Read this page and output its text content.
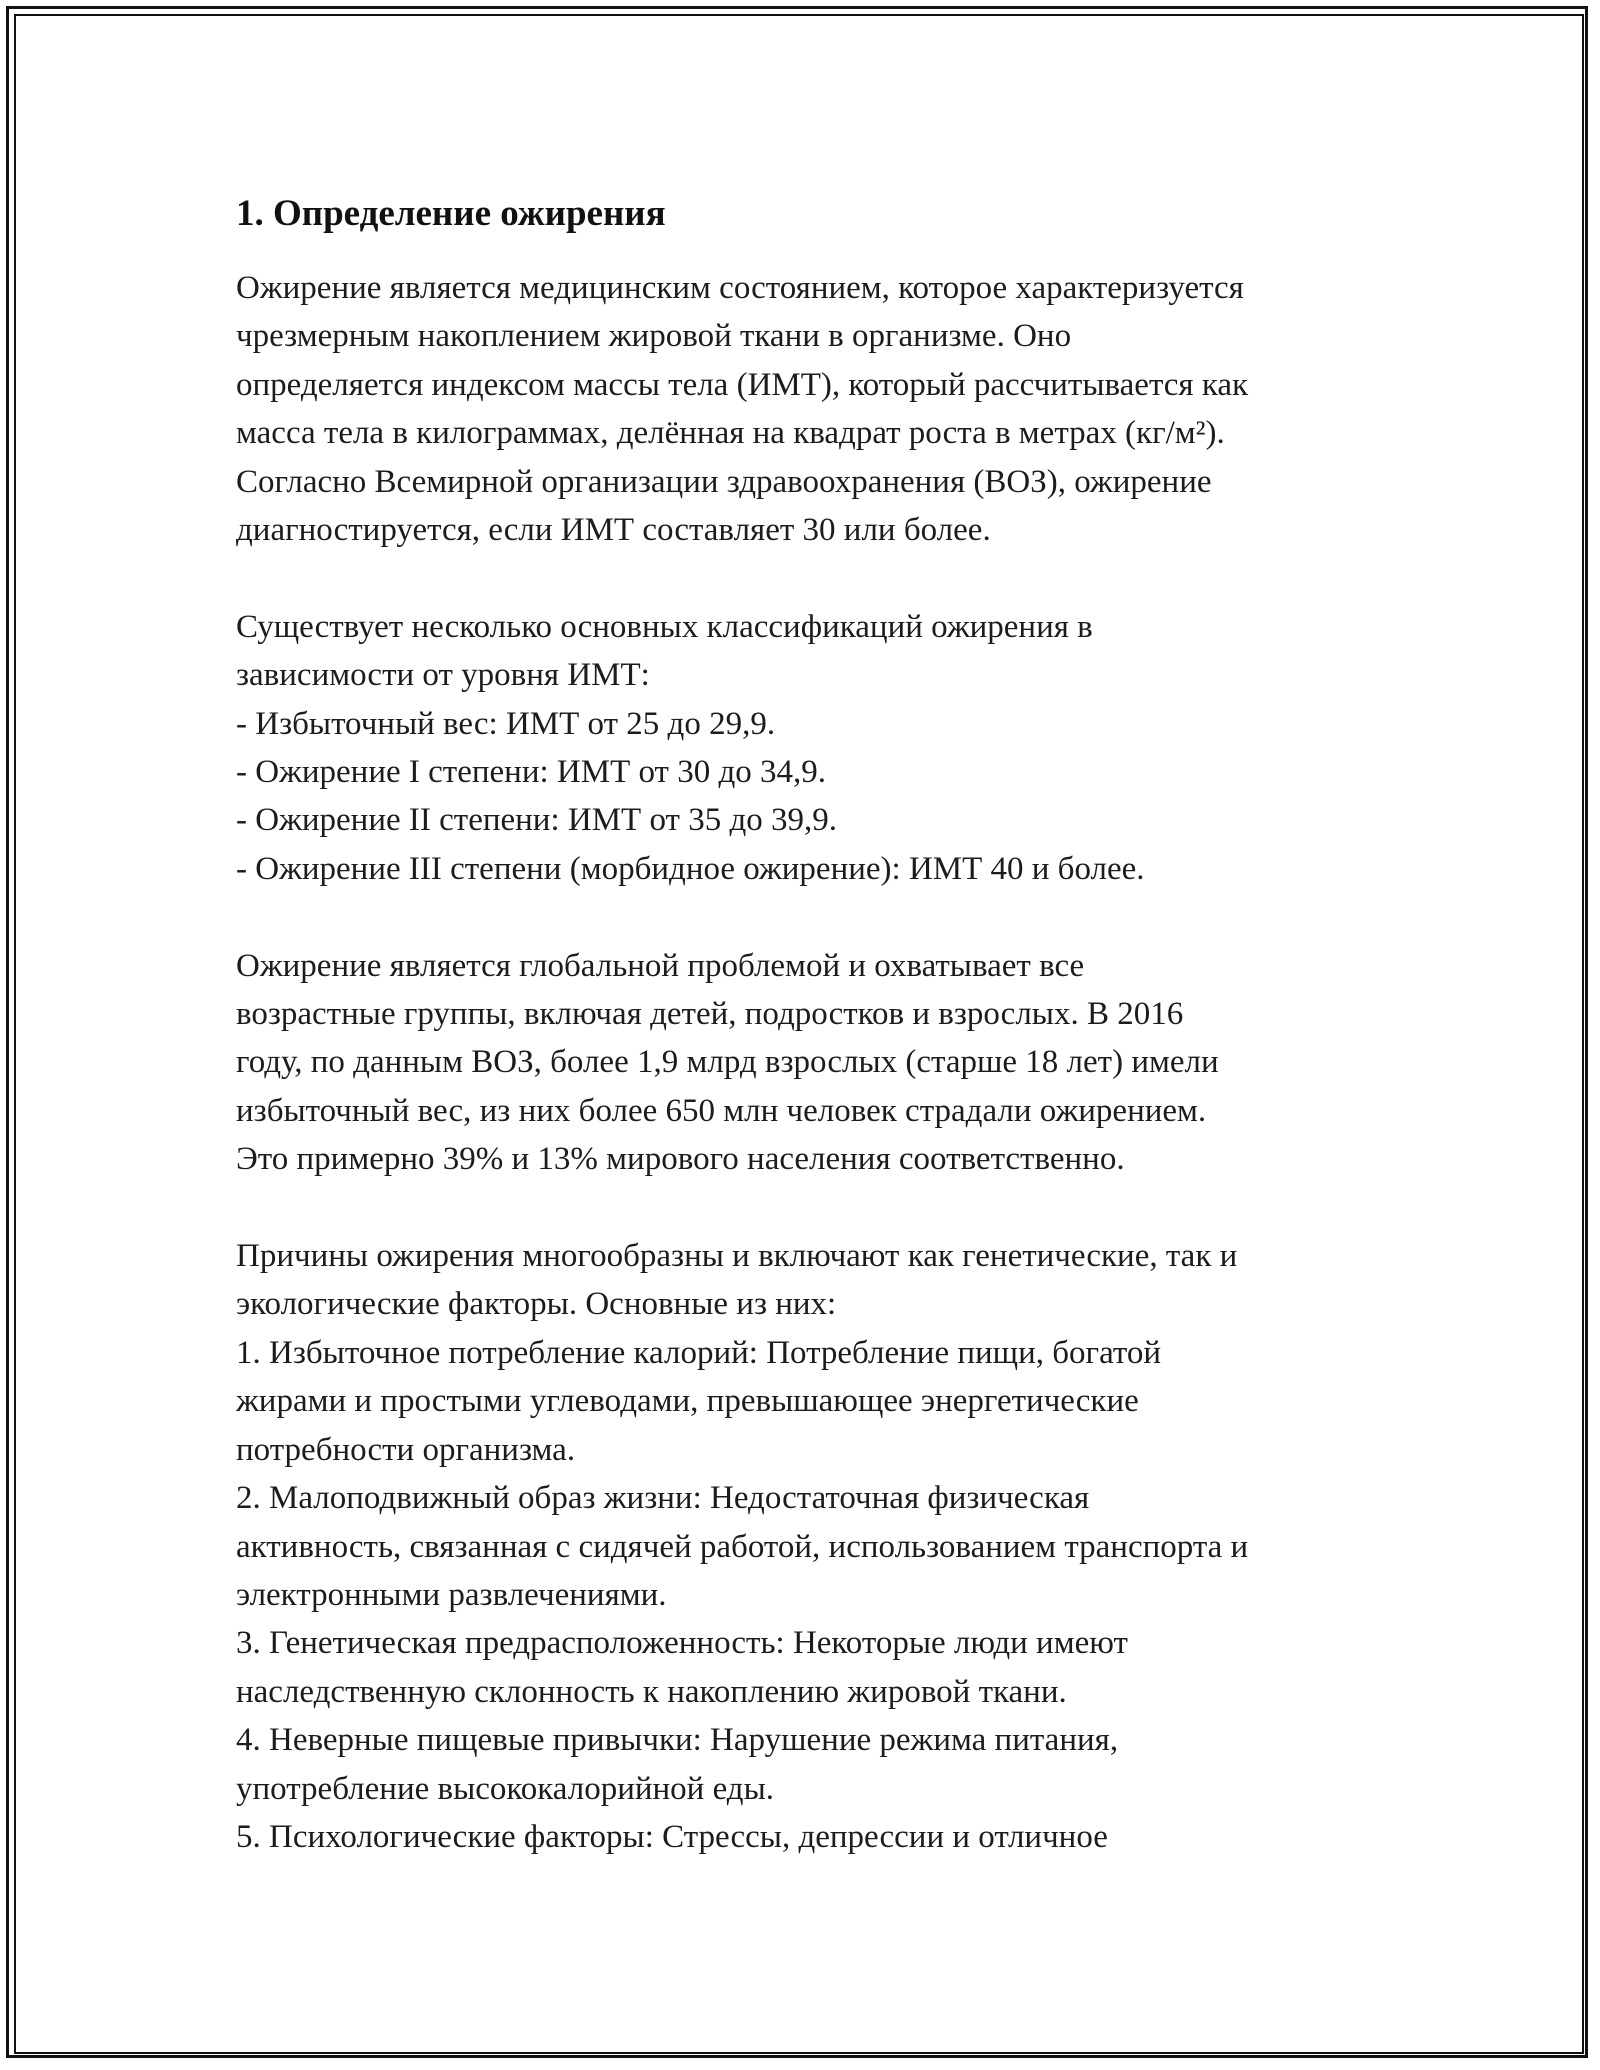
1. Определение ожирения
Ожирение является медицинским состоянием, которое характеризуется
чрезмерным накоплением жировой ткани в организме. Оно
определяется индексом массы тела (ИМТ), который рассчитывается как
масса тела в килограммах, делённая на квадрат роста в метрах (кг/м²).
Согласно Всемирной организации здравоохранения (ВОЗ), ожирение
диагностируется, если ИМТ составляет 30 или более.
Существует несколько основных классификаций ожирения в
зависимости от уровня ИМТ:
- Избыточный вес: ИМТ от 25 до 29,9.
- Ожирение I степени: ИМТ от 30 до 34,9.
- Ожирение II степени: ИМТ от 35 до 39,9.
- Ожирение III степени (морбидное ожирение): ИМТ 40 и более.
Ожирение является глобальной проблемой и охватывает все
возрастные группы, включая детей, подростков и взрослых. В 2016
году, по данным ВОЗ, более 1,9 млрд взрослых (старше 18 лет) имели
избыточный вес, из них более 650 млн человек страдали ожирением.
Это примерно 39% и 13% мирового населения соответственно.
Причины ожирения многообразны и включают как генетические, так и
экологические факторы. Основные из них:
1. Избыточное потребление калорий: Потребление пищи, богатой
жирами и простыми углеводами, превышающее энергетические
потребности организма.
2. Малоподвижный образ жизни: Недостаточная физическая
активность, связанная с сидячей работой, использованием транспорта и
электронными развлечениями.
3. Генетическая предрасположенность: Некоторые люди имеют
наследственную склонность к накоплению жировой ткани.
4. Неверные пищевые привычки: Нарушение режима питания,
употребление высококалорийной еды.
5. Психологические факторы: Стрессы, депрессии и отличное
